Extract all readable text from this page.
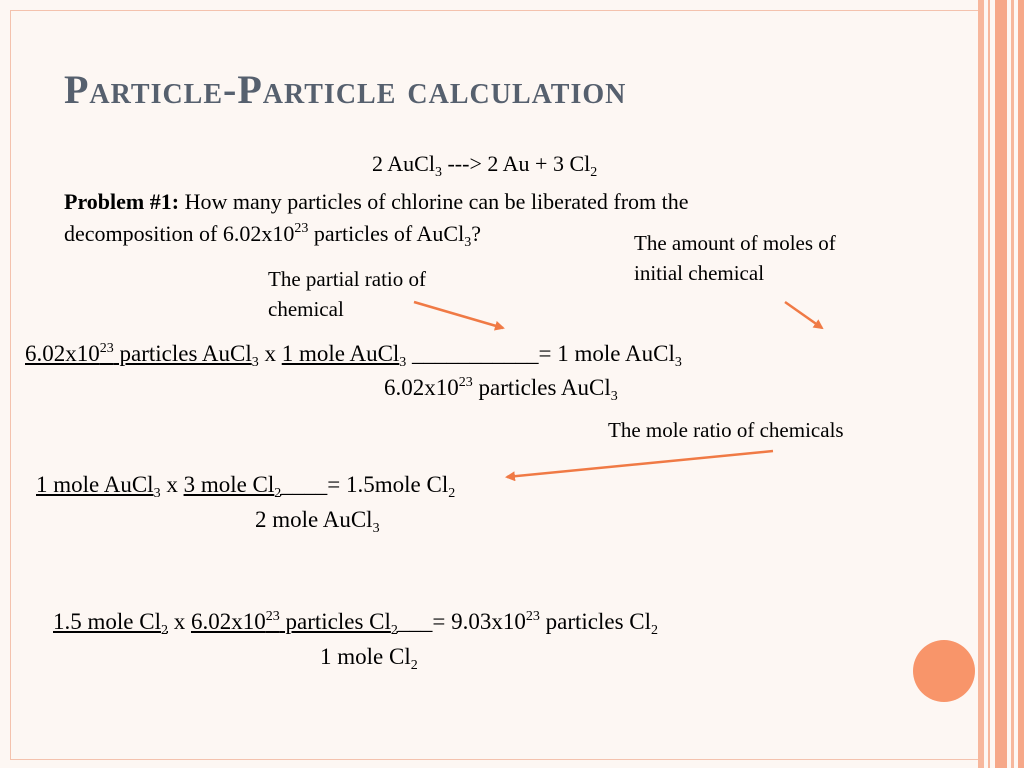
Particle-Particle calculation
2 AuCl$_3$ ---> 2 Au + 3 $Cl_2$
Problem #1: How many particles of chlorine can be liberated from the
decomposition of $6.02x10^{23}$ particles of AuCl$_3$?	The amount of moles of
initial chemical
The partial ratio of
chemical
The mole ratio of chemicals
$6.02x10^{23}$ particles AuCl$_3$ x 1 mole AuCl$_3$ ___________= 1 mole AuCl$_3$
$6.02x10^{23}$ particles AuCl$_3$
1 mole AuCl$_3$ x 3 mole $Cl_2\_\_\_\_=$ 1.5mole $Cl_2$
2 mole AuCl$_3$
1.5 mole $Cl_2$ x $6.02x10^{23}$ particles $Cl_2\_\_\_= 9.03x10^{23}$ particles $Cl_2$
1 mole $Cl_2$
